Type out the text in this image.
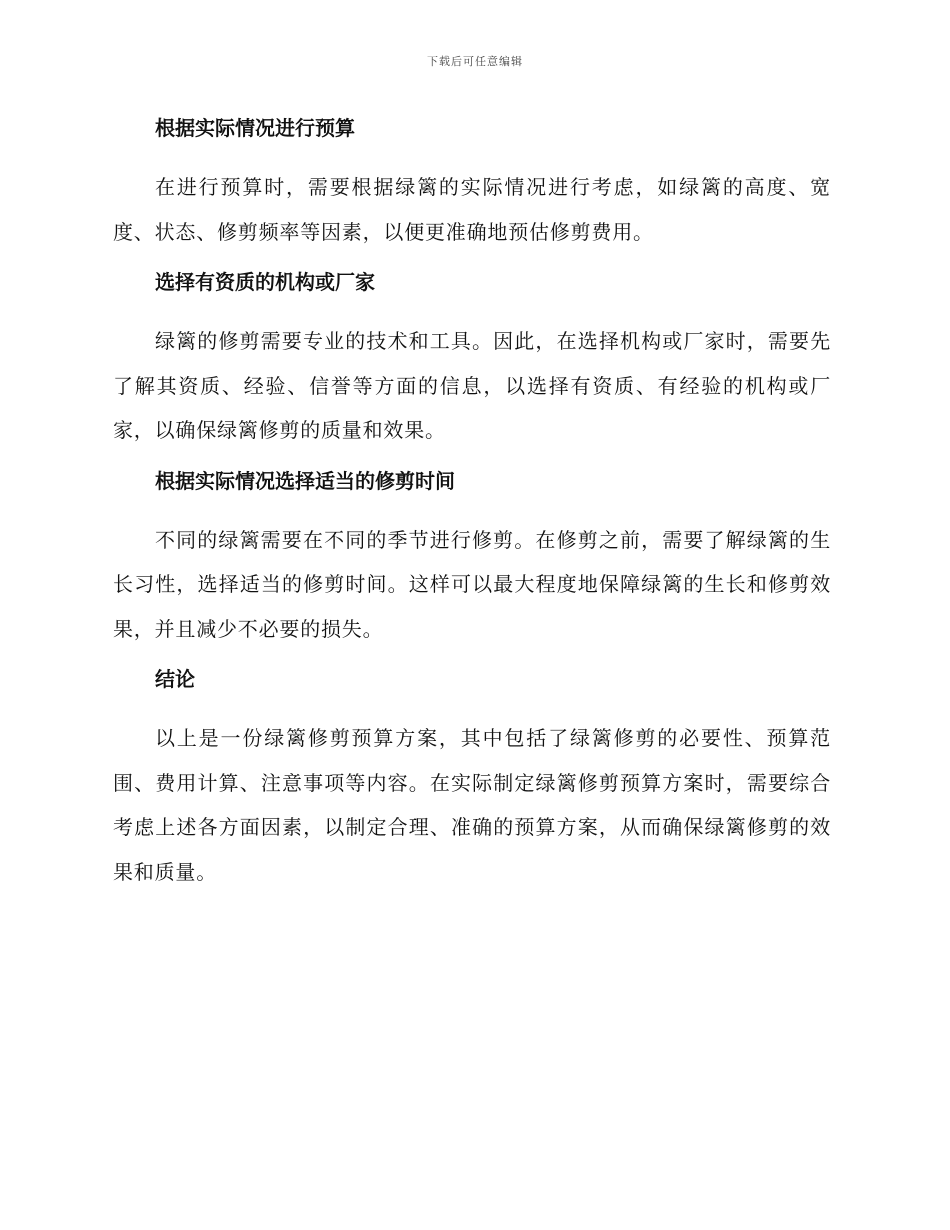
下载后可任意编辑
根据实际情况进行预算

在进行预算时，需要根据绿篱的实际情况进行考虑，如绿篱的高度、宽度、状态、修剪频率等因素，以便更准确地预估修剪费用。

选择有资质的机构或厂家

绿篱的修剪需要专业的技术和工具。因此，在选择机构或厂家时，需要先了解其资质、经验、信誉等方面的信息，以选择有资质、有经验的机构或厂家，以确保绿篱修剪的质量和效果。

根据实际情况选择适当的修剪时间

不同的绿篱需要在不同的季节进行修剪。在修剪之前，需要了解绿篱的生长习性，选择适当的修剪时间。这样可以最大程度地保障绿篱的生长和修剪效果，并且减少不必要的损失。

结论

以上是一份绿篱修剪预算方案，其中包括了绿篱修剪的必要性、预算范围、费用计算、注意事项等内容。在实际制定绿篱修剪预算方案时，需要综合考虑上述各方面因素，以制定合理、准确的预算方案，从而确保绿篱修剪的效果和质量。
